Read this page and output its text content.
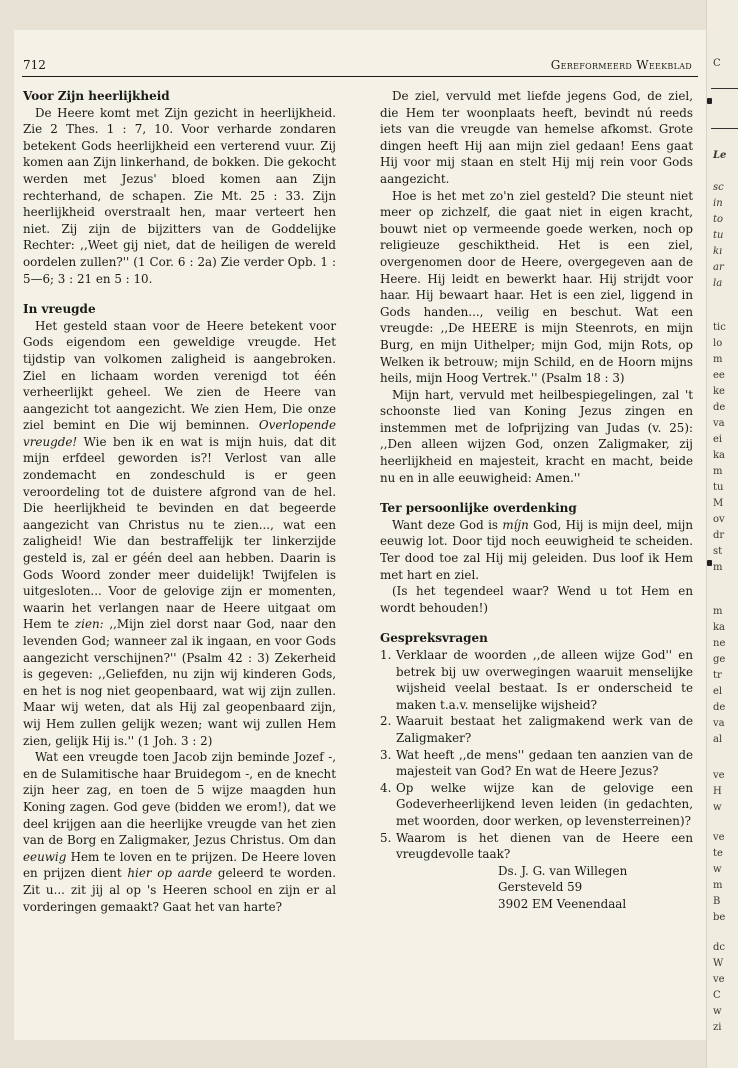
C
Le
sc
in
to
tu
kı
ar
la
tic
lo
m
ee
ke
de
va
ei
ka
m
tu
M
ov
dr
st
m
m
ka
ne
ge
tr
el
de
va
al
ve
H
w
ve
te
w
m
B
be
dc
W
ve
C
w
zi
712	Gereformeerd Weekblad
Voor Zijn heerlijkheid

De Heere komt met Zijn gezicht in heerlijkheid. Zie 2 Thes. 1 : 7, 10. Voor verharde zondaren betekent Gods heerlijkheid een verterend vuur. Zij komen aan Zijn linkerhand, de bokken. Die gekocht werden met Jezus' bloed komen aan Zijn rechterhand, de schapen. Zie Mt. 25 : 33. Zijn heerlijkheid overstraalt hen, maar verteert hen niet. Zij zijn de bijzitters van de Goddelijke Rechter: ,,Weet gij niet, dat de heiligen de wereld oordelen zullen?'' (1 Cor. 6 : 2a) Zie verder Opb. 1 : 5—6; 3 : 21 en 5 : 10.

In vreugde

Het gesteld staan voor de Heere betekent voor Gods eigendom een geweldige vreugde. Het tijdstip van volkomen zaligheid is aangebroken. Ziel en lichaam worden verenigd tot één verheerlijkt geheel. We zien de Heere van aangezicht tot aangezicht. We zien Hem, Die onze ziel bemint en Die wij beminnen. Overlopende vreugde! Wie ben ik en wat is mijn huis, dat dit mijn erfdeel geworden is?! Verlost van alle zondemacht en zondeschuld is er geen veroordeling tot de duistere afgrond van de hel. Die heerlijkheid te bevinden en dat begeerde aangezicht van Christus nu te zien..., wat een zaligheid! Wie dan bestraffelijk ter linkerzijde gesteld is, zal er géén deel aan hebben. Daarin is Gods Woord zonder meer duidelijk! Twijfelen is uitgesloten... Voor de gelovige zijn er momenten, waarin het verlangen naar de Heere uitgaat om Hem te zien: ,,Mijn ziel dorst naar God, naar den levenden God; wanneer zal ik ingaan, en voor Gods aangezicht verschijnen?'' (Psalm 42 : 3) Zekerheid is gegeven: ,,Geliefden, nu zijn wij kinderen Gods, en het is nog niet geopenbaard, wat wij zijn zullen. Maar wij weten, dat als Hij zal geopenbaard zijn, wij Hem zullen gelijk wezen; want wij zullen Hem zien, gelijk Hij is.'' (1 Joh. 3 : 2)

Wat een vreugde toen Jacob zijn beminde Jozef -, en de Sulamitische haar Bruidegom -, en de knecht zijn heer zag, en toen de 5 wijze maagden hun Koning zagen. God geve (bidden we erom!), dat we deel krijgen aan die heerlijke vreugde van het zien van de Borg en Zaligmaker, Jezus Christus. Om dan eeuwig Hem te loven en te prijzen. De Heere loven en prijzen dient hier op aarde geleerd te worden. Zit u... zit jij al op 's Heeren school en zijn er al vorderingen gemaakt? Gaat het van harte?

De ziel, vervuld met liefde jegens God, de ziel, die Hem ter woonplaats heeft, bevindt nú reeds iets van die vreugde van hemelse afkomst. Grote dingen heeft Hij aan mijn ziel gedaan! Eens gaat Hij voor mij staan en stelt Hij mij rein voor Gods aangezicht.

Hoe is het met zo'n ziel gesteld? Die steunt niet meer op zichzelf, die gaat niet in eigen kracht, bouwt niet op vermeende goede werken, noch op religieuze geschiktheid. Het is een ziel, overgenomen door de Heere, overgegeven aan de Heere. Hij leidt en bewerkt haar. Hij strijdt voor haar. Hij bewaart haar. Het is een ziel, liggend in Gods handen..., veilig en beschut. Wat een vreugde: ,,De HEERE is mijn Steenrots, en mijn Burg, en mijn Uithelper; mijn God, mijn Rots, op Welken ik betrouw; mijn Schild, en de Hoorn mijns heils, mijn Hoog Vertrek.'' (Psalm 18 : 3)

Mijn hart, vervuld met heilbespiegelingen, zal 't schoonste lied van Koning Jezus zingen en instemmen met de lofprijzing van Judas (v. 25): ,,Den alleen wijzen God, onzen Zaligmaker, zij heerlijkheid en majesteit, kracht en macht, beide nu en in alle eeuwigheid: Amen.''

Ter persoonlijke overdenking

Want deze God is míjn God, Hij is mijn deel, mijn eeuwig lot. Door tijd noch eeuwigheid te scheiden. Ter dood toe zal Hij mij geleiden. Dus loof ik Hem met hart en ziel.

(Is het tegendeel waar? Wend u tot Hem en wordt behouden!)

Gespreksvragen
1. Verklaar de woorden ,,de alleen wijze God'' en betrek bij uw overwegingen waaruit menselijke wijsheid veelal bestaat. Is er onderscheid te maken t.a.v. menselijke wijsheid?
2. Waaruit bestaat het zaligmakend werk van de Zaligmaker?
3. Wat heeft ,,de mens'' gedaan ten aanzien van de majesteit van God? En wat de Heere Jezus?
4. Op welke wijze kan de gelovige een Godeverheerlijkend leven leiden (in gedachten, met woorden, door werken, op levensterreinen)?
5. Waarom is het dienen van de Heere een vreugdevolle taak?
Ds. J. G. van Willegen
Gersteveld 59
3902 EM Veenendaal
